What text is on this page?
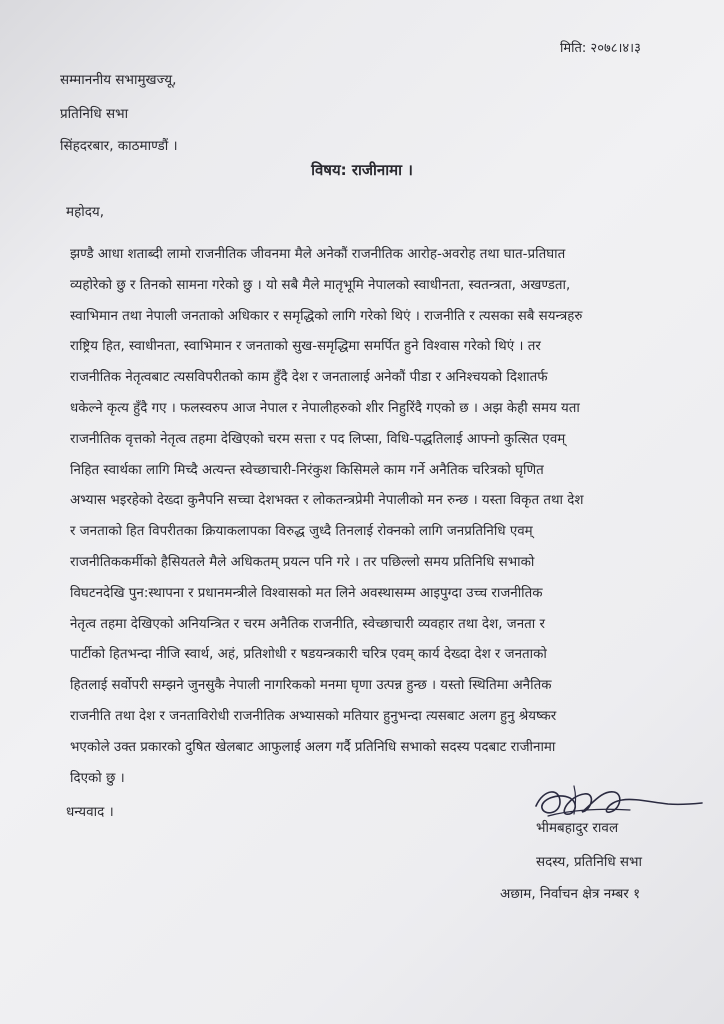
मिति: २०७८।४।३
सम्माननीय सभामुखज्यू,
प्रतिनिधि सभा
सिंहदरबार, काठमाण्डौं ।
विषय: राजीनामा ।
महोदय,
झण्डै आधा शताब्दी लामो राजनीतिक जीवनमा मैले अनेकौं राजनीतिक आरोह-अवरोह तथा घात-प्रतिघात
व्यहोरेको छु र तिनको सामना गरेको छु । यो सबै मैले मातृभूमि नेपालको स्वाधीनता, स्वतन्त्रता, अखण्डता,
स्वाभिमान तथा नेपाली जनताको अधिकार र समृद्धिको लागि गरेको थिएं । राजनीति र त्यसका सबै सयन्त्रहरु
राष्ट्रिय हित, स्वाधीनता, स्वाभिमान र जनताको सुख-समृद्धिमा समर्पित हुने विश्वास गरेको थिएं । तर
राजनीतिक नेतृत्वबाट त्यसविपरीतको काम हुँदै देश र जनतालाई अनेकौं पीडा र अनिश्चयको दिशातर्फ
धकेल्ने कृत्य हुँदै गए । फलस्वरुप आज नेपाल र नेपालीहरुको शीर निहुरिंदै गएको छ । अझ केही समय यता
राजनीतिक वृत्तको नेतृत्व तहमा देखिएको चरम सत्ता र पद लिप्सा, विधि-पद्धतिलाई आफ्नो कुत्सित एवम्
निहित स्वार्थका लागि मिच्दै अत्यन्त स्वेच्छाचारी-निरंकुश किसिमले काम गर्ने अनैतिक चरित्रको घृणित
अभ्यास भइरहेको देख्दा कुनैपनि सच्चा देशभक्त र लोकतन्त्रप्रेमी नेपालीको मन रुन्छ । यस्ता विकृत तथा देश
र जनताको हित विपरीतका क्रियाकलापका विरुद्ध जुध्दै तिनलाई रोक्नको लागि जनप्रतिनिधि एवम्
राजनीतिककर्मीको हैसियतले मैले अधिकतम् प्रयत्न पनि गरे । तर पछिल्लो समय प्रतिनिधि सभाको
विघटनदेखि पुन:स्थापना र प्रधानमन्त्रीले विश्वासको मत लिने अवस्थासम्म आइपुग्दा उच्च राजनीतिक
नेतृत्व तहमा देखिएको अनियन्त्रित र चरम अनैतिक राजनीति, स्वेच्छाचारी व्यवहार तथा देश, जनता र
पार्टीको हितभन्दा नीजि स्वार्थ, अहं, प्रतिशोधी र षडयन्त्रकारी चरित्र एवम् कार्य देख्दा देश र जनताको
हितलाई सर्वोपरी सम्झने जुनसुकै नेपाली नागरिकको मनमा घृणा उत्पन्न हुन्छ । यस्तो स्थितिमा अनैतिक
राजनीति तथा देश र जनताविरोधी राजनीतिक अभ्यासको मतियार हुनुभन्दा त्यसबाट अलग हुनु श्रेयष्कर
भएकोले उक्त प्रकारको दुषित खेलबाट आफुलाई अलग गर्दै प्रतिनिधि सभाको सदस्य पदबाट राजीनामा
दिएको छु ।
धन्यवाद ।
भीमबहादुर रावल
सदस्य, प्रतिनिधि सभा
अछाम, निर्वाचन क्षेत्र नम्बर १
